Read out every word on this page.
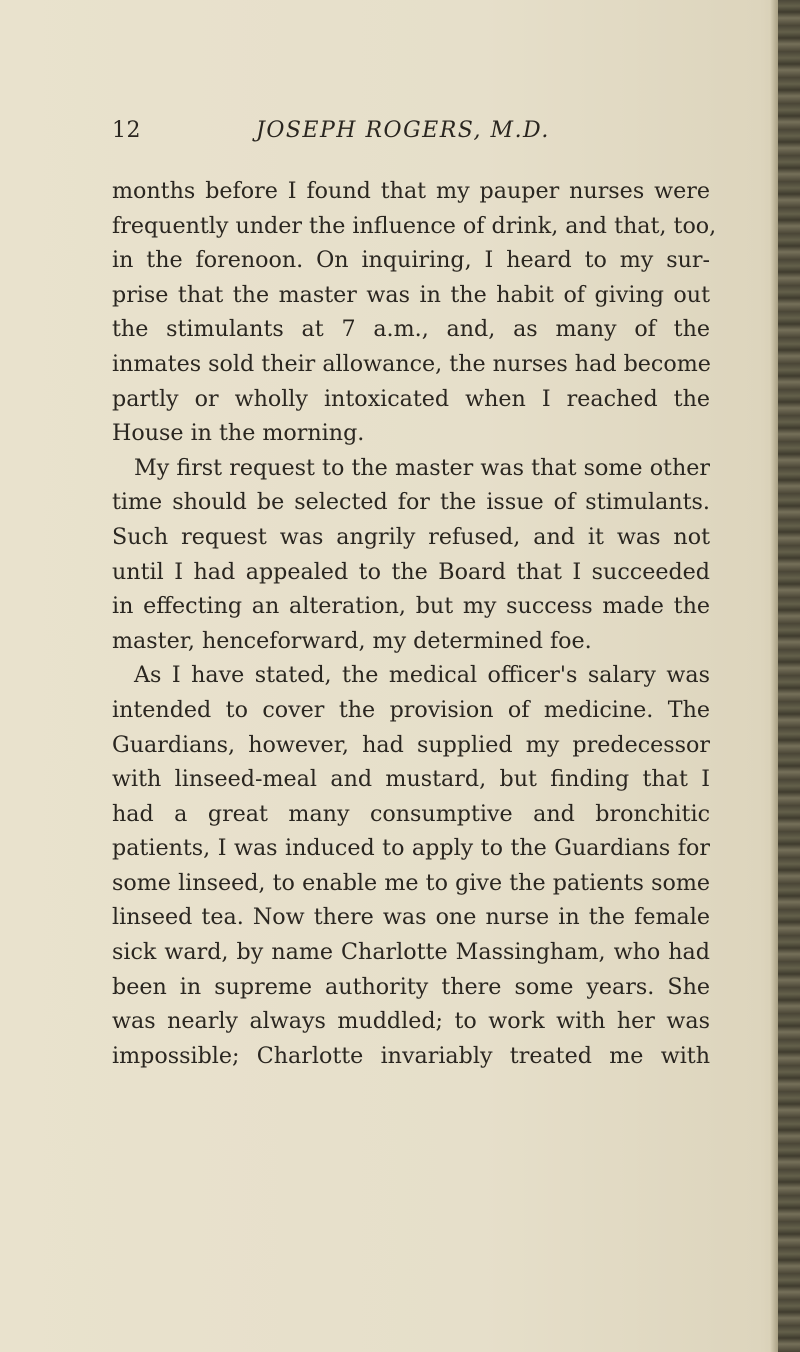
12	JOSEPH ROGERS, M.D.
months before I found that my pauper nurses were
frequently under the influence of drink, and that, too,
in the forenoon. On inquiring, I heard to my sur-
prise that the master was in the habit of giving out
the stimulants at 7 a.m., and, as many of the
inmates sold their allowance, the nurses had become
partly or wholly intoxicated when I reached the
House in the morning.
My first request to the master was that some other
time should be selected for the issue of stimulants.
Such request was angrily refused, and it was not
until I had appealed to the Board that I succeeded
in effecting an alteration, but my success made the
master, henceforward, my determined foe.
As I have stated, the medical officer's salary was
intended to cover the provision of medicine. The
Guardians, however, had supplied my predecessor
with linseed-meal and mustard, but finding that I
had a great many consumptive and bronchitic
patients, I was induced to apply to the Guardians for
some linseed, to enable me to give the patients some
linseed tea. Now there was one nurse in the female
sick ward, by name Charlotte Massingham, who had
been in supreme authority there some years. She
was nearly always muddled; to work with her was
impossible; Charlotte invariably treated me with
